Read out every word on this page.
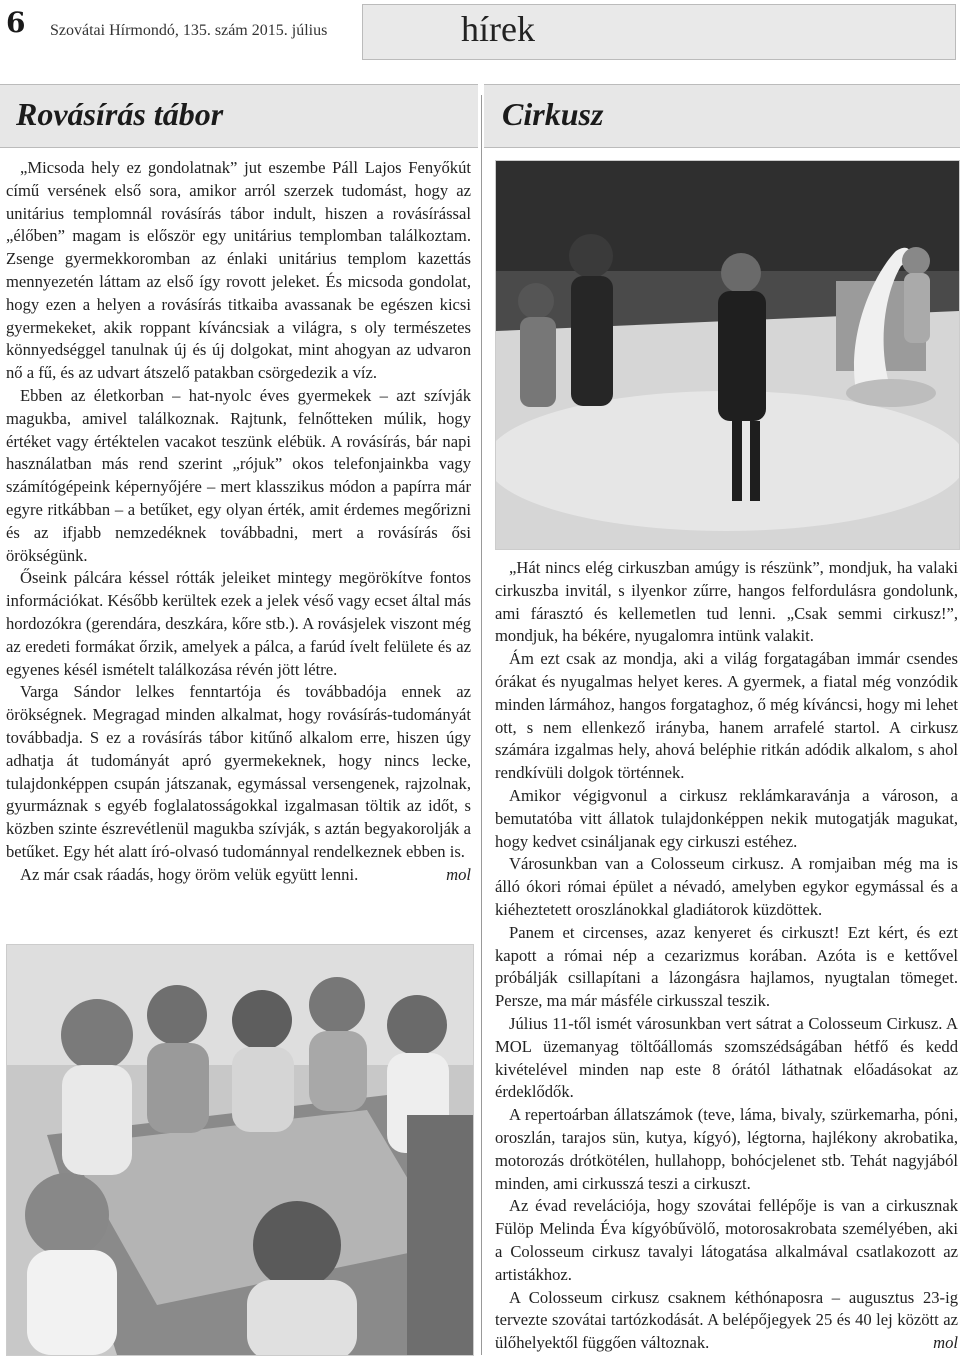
6 Szovátai Hírmondó, 135. szám 2015. július	hírek
Rovásírás tábor	Cirkusz

„Micsoda hely ez gondolatnak” jut eszembe Páll Lajos Fenyőkút című versének első sora, amikor arról szerzek tudomást, hogy az unitárius templomnál rovásírás tábor indult, hiszen a rovásírással „élőben” magam is először egy unitárius templomban találkoztam. Zsenge gyermekkoromban az énlaki unitárius templom kazettás mennyezetén láttam az első így rovott jeleket. És micsoda gondolat, hogy ezen a helyen a rovásírás titkaiba avassanak be egészen kicsi gyermekeket, akik roppant kíváncsiak a világra, s oly természetes könnyedséggel tanulnak új és új dolgokat, mint ahogyan az udvaron nő a fű, és az udvart átszelő patakban csörgedezik a víz.

Ebben az életkorban – hat-nyolc éves gyermekek – azt szívják magukba, amivel találkoznak. Rajtunk, felnőtteken múlik, hogy értéket vagy értéktelen vacakot teszünk elébük. A rovásírás, bár napi használatban más rend szerint „rójuk” okos telefonjainkba vagy számítógépeink képernyőjére – mert klasszikus módon a papírra már egyre ritkábban – a betűket, egy olyan érték, amit érdemes megőrizni és az ifjabb nemzedéknek továbbadni, mert a rovásírás ősi örökségünk.

Őseink pálcára késsel rótták jeleiket mintegy megörökítve fontos információkat. Később kerültek ezek a jelek véső vagy ecset által más hordozókra (gerendára, deszkára, kőre stb.). A rovásjelek viszont még az eredeti formákat őrzik, amelyek a pálca, a farúd ívelt felülete és az egyenes késél ismételt találkozása révén jött létre.

Varga Sándor lelkes fenntartója és továbbadója ennek az örökségnek. Megragad minden alkalmat, hogy rovásírás-tudományát továbbadja. S ez a rovásírás tábor kitűnő alkalom erre, hiszen úgy adhatja át tudományát apró gyermekeknek, hogy nincs lecke, tulajdonképpen csupán játszanak, egymással versengenek, rajzolnak, gyurmáznak s egyéb foglalatosságokkal izgalmasan töltik az időt, s közben szinte észrevétlenül magukba szívják, s aztán begyakorolják a betűket. Egy hét alatt író-olvasó tudománnyal rendelkeznek ebben is.

Az már csak ráadás, hogy öröm velük együtt lenni.	mol

„Hát nincs elég cirkuszban amúgy is részünk”, mondjuk, ha valaki cirkuszba invitál, s ilyenkor zűrre, hangos felfordulásra gondolunk, ami fárasztó és kellemetlen tud lenni. „Csak semmi cirkusz!”, mondjuk, ha békére, nyugalomra intünk valakit.

Ám ezt csak az mondja, aki a világ forgatagában immár csendes órákat és nyugalmas helyet keres. A gyermek, a fiatal még vonzódik minden lármához, hangos forgataghoz, ő még kíváncsi, hogy mi lehet ott, s nem ellenkező irányba, hanem arrafelé startol. A cirkusz számára izgalmas hely, ahová beléphie ritkán adódik alkalom, s ahol rendkívüli dolgok történnek.

Amikor végigvonul a cirkusz reklámkaravánja a városon, a bemutatóba vitt állatok tulajdonképpen nekik mutogatják magukat, hogy kedvet csináljanak egy cirkuszi estéhez.

Városunkban van a Colosseum cirkusz. A romjaiban még ma is álló ókori római épület a névadó, amelyben egykor egymással és a kiéheztetett oroszlánokkal gladiátorok küzdöttek.

Panem et circenses, azaz kenyeret és cirkuszt! Ezt kért, és ezt kapott a római nép a cezarizmus korában. Azóta is e kettővel próbálják csillapítani a lázongásra hajlamos, nyugtalan tömeget. Persze, ma már másféle cirkusszal teszik.

Július 11-től ismét városunkban vert sátrat a Colosseum Cirkusz. A MOL üzemanyag töltőállomás szomszédságában hétfő és kedd kivételével minden nap este 8 órától láthatnak előadásokat az érdeklődők.

A repertoárban állatszámok (teve, láma, bivaly, szürkemarha, póni, oroszlán, tarajos sün, kutya, kígyó), légtorna, hajlékony akrobatika, motorozás drótkötélen, hullahopp, bohócjelenet stb. Tehát nagyjából minden, ami cirkusszá teszi a cirkuszt.

Az évad revelációja, hogy szovátai fellépője is van a cirkusznak Fülöp Melinda Éva kígyóbűvölő, motorosakrobata személyében, aki a Colosseum cirkusz tavalyi látogatása alkalmával csatlakozott az artistákhoz.

A Colosseum cirkusz csaknem kéthónaposra – augusztus 23-ig tervezte szovátai tartózkodását. A belépőjegyek 25 és 40 lej között az ülőhelyektől függően változnak.	mol
